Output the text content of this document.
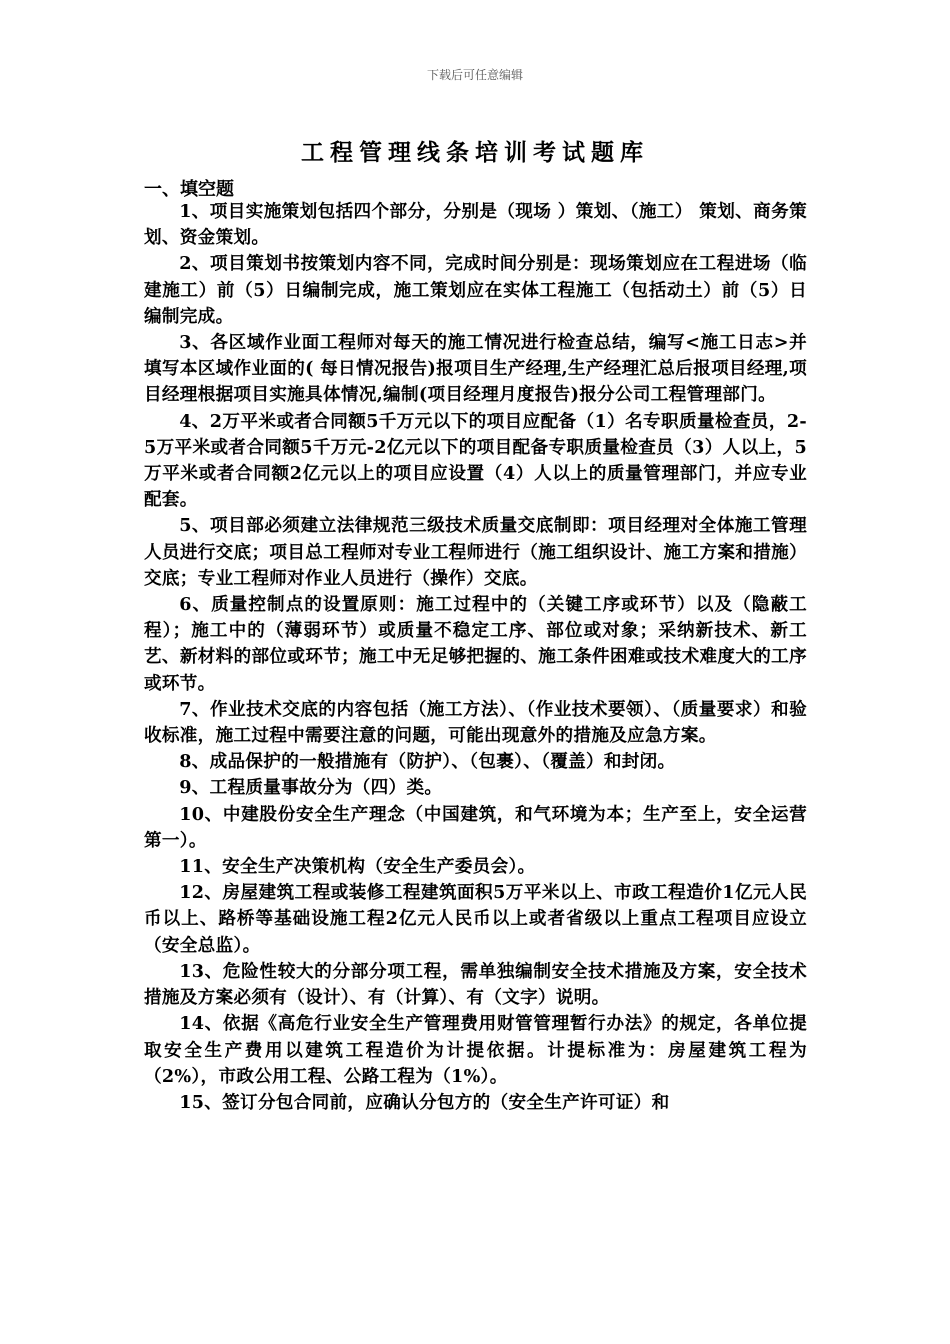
下载后可任意编辑
工程管理线条培训考试题库
一、填空题

1、项目实施策划包括四个部分，分别是（现场 ）策划、（施工） 策划、商务策划、资金策划。

2、项目策划书按策划内容不同，完成时间分别是：现场策划应在工程进场（临建施工）前（5）日编制完成，施工策划应在实体工程施工（包括动土）前（5）日编制完成。

3、各区域作业面工程师对每天的施工情况进行检查总结，编写<施工日志>并填写本区域作业面的( 每日情况报告)报项目生产经理,生产经理汇总后报项目经理,项目经理根据项目实施具体情况,编制(项目经理月度报告)报分公司工程管理部门。

4、2万平米或者合同额5千万元以下的项目应配备（1）名专职质量检查员，2-5万平米或者合同额5千万元-2亿元以下的项目配备专职质量检查员（3）人以上，5万平米或者合同额2亿元以上的项目应设置（4）人以上的质量管理部门，并应专业配套。

5、项目部必须建立法律规范三级技术质量交底制即：项目经理对全体施工管理人员进行交底；项目总工程师对专业工程师进行（施工组织设计、施工方案和措施） 交底；专业工程师对作业人员进行（操作）交底。

6、质量控制点的设置原则：施工过程中的（关键工序或环节）以及（隐蔽工程）；施工中的（薄弱环节）或质量不稳定工序、部位或对象；采纳新技术、新工艺、新材料的部位或环节；施工中无足够把握的、施工条件困难或技术难度大的工序或环节。

7、作业技术交底的内容包括（施工方法）、（作业技术要领）、（质量要求）和验收标准，施工过程中需要注意的问题，可能出现意外的措施及应急方案。

8、成品保护的一般措施有（防护）、（包裹）、（覆盖）和封闭。

9、工程质量事故分为（四）类。

10、中建股份安全生产理念（中国建筑，和气环境为本；生产至上，安全运营第一）。

11、安全生产决策机构（安全生产委员会）。

12、房屋建筑工程或装修工程建筑面积5万平米以上、市政工程造价1亿元人民币以上、路桥等基础设施工程2亿元人民币以上或者省级以上重点工程项目应设立（安全总监）。

13、危险性较大的分部分项工程，需单独编制安全技术措施及方案，安全技术措施及方案必须有（设计）、有（计算）、有（文字）说明。

14、依据《高危行业安全生产管理费用财管管理暂行办法》的规定，各单位提取安全生产费用以建筑工程造价为计提依据。计提标准为：房屋建筑工程为（2%），市政公用工程、公路工程为（1%）。

15、签订分包合同前，应确认分包方的（安全生产许可证）和
